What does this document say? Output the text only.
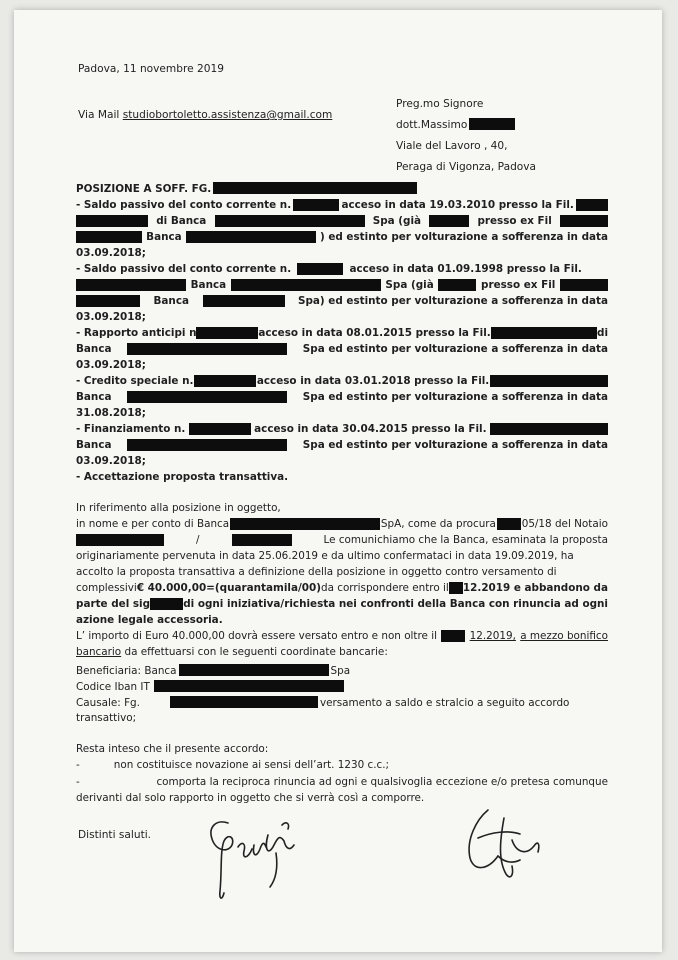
Padova, 11 novembre 2019
Via Mail studiobortoletto.assistenza@gmail.com
Preg.mo Signore
dott.Massimo
Viale del Lavoro , 40,
Peraga di Vigonza, Padova
POSIZIONE A SOFF. FG.
- Saldo passivo del conto corrente n.	acceso in data 19.03.2010 presso la Fil.
di Banca	Spa (già	presso ex Fil
Banca	) ed estinto per volturazione a sofferenza in data
03.09.2018;
- Saldo passivo del conto corrente n.	acceso in data 01.09.1998 presso la Fil.
Banca	Spa (già	presso ex Fil
Banca	Spa) ed estinto per volturazione a sofferenza in data
03.09.2018;
- Rapporto anticipi n	acceso in data 08.01.2015 presso la Fil.	di
Banca	Spa ed estinto per volturazione a sofferenza in data
03.09.2018;
- Credito speciale n.	acceso in data 03.01.2018 presso la Fil.
Banca	Spa ed estinto per volturazione a sofferenza in data
31.08.2018;
- Finanziamento n.	acceso in data 30.04.2015 presso la Fil.
Banca	Spa ed estinto per volturazione a sofferenza in data
03.09.2018;
- Accettazione proposta transattiva.
In riferimento alla posizione in oggetto,
in nome e per conto di Banca	SpA, come da procura 05/18 del Notaio
/	Le comunichiamo che la Banca, esaminata la proposta
originariamente pervenuta in data 25.06.2019 e da ultimo confermataci in data 19.09.2019, ha
accolto la proposta transattiva a definizione della posizione in oggetto contro versamento di
complessivi € 40.000,00=(quarantamila/00) da corrispondere entro il 12.2019 e abbandono da
parte del sig	di ogni iniziativa/richiesta nei confronti della Banca con rinuncia ad ogni
azione legale accessoria.
L’ importo di Euro 40.000,00 dovrà essere versato entro e non oltre il	12.2019, a mezzo bonifico
bancario da effettuarsi con le seguenti coordinate bancarie:
Beneficiaria: Banca	Spa
Codice Iban IT
Causale: Fg.	versamento a saldo e stralcio a seguito accordo
transattivo;
Resta inteso che il presente accordo:
-	non costituisce novazione ai sensi dell’art. 1230 c.c.;
-	comporta la reciproca rinuncia ad ogni e qualsivoglia eccezione e/o pretesa comunque
derivanti dal solo rapporto in oggetto che si verrà così a comporre.
Distinti saluti.
